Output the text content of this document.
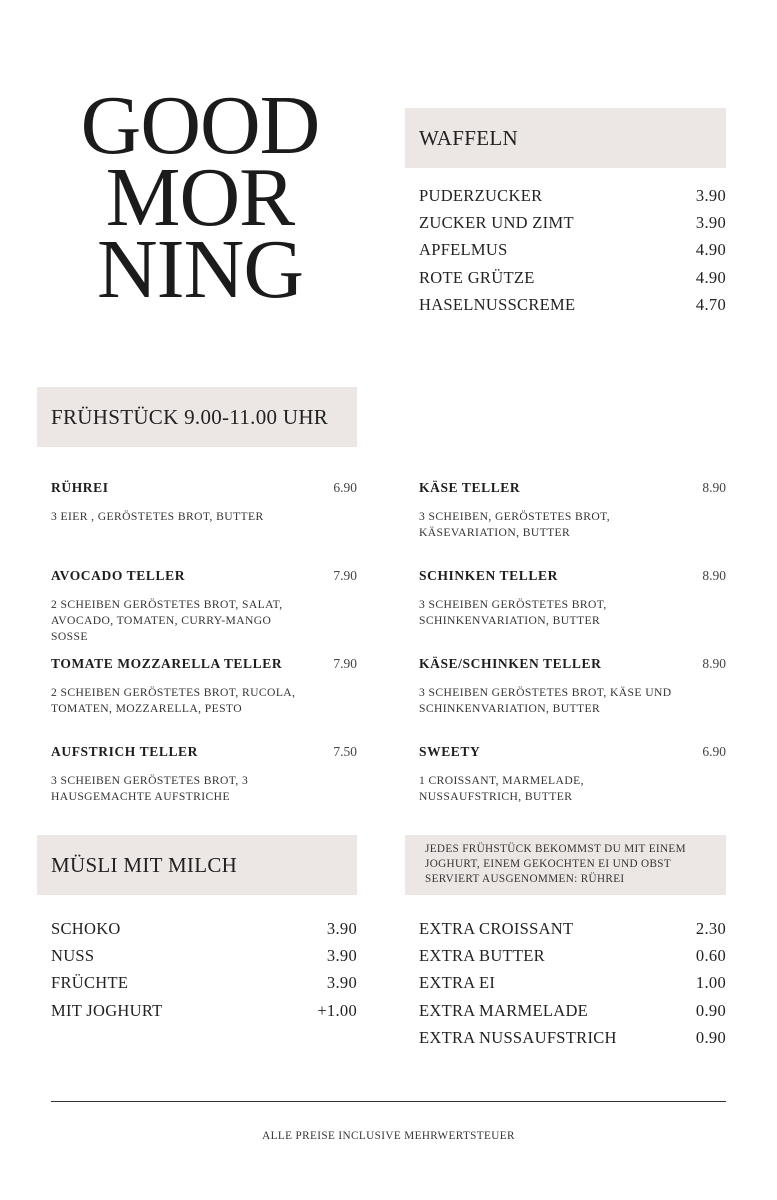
GOOD
MOR
NING
WAFFELN
PUDERZUCKER	3.90
ZUCKER UND ZIMT	3.90
APFELMUS	4.90
ROTE GRÜTZE	4.90
HASELNUSSCREME	4.70
FRÜHSTÜCK 9.00-11.00 UHR
RÜHREI	6.90
3 EIER , GERÖSTETES BROT, BUTTER
AVOCADO TELLER	7.90
2 SCHEIBEN GERÖSTETES BROT, SALAT, AVOCADO, TOMATEN, CURRY-MANGO SOSSE
TOMATE MOZZARELLA TELLER	7.90
2 SCHEIBEN GERÖSTETES BROT, RUCOLA, TOMATEN, MOZZARELLA, PESTO
AUFSTRICH TELLER	7.50
3 SCHEIBEN GERÖSTETES BROT, 3 HAUSGEMACHTE AUFSTRICHE
KÄSE TELLER	8.90
3 SCHEIBEN, GERÖSTETES BROT, KÄSEVARIATION, BUTTER
SCHINKEN TELLER	8.90
3 SCHEIBEN GERÖSTETES BROT, SCHINKENVARIATION, BUTTER
KÄSE/SCHINKEN TELLER	8.90
3 SCHEIBEN GERÖSTETES BROT, KÄSE UND SCHINKENVARIATION, BUTTER
SWEETY	6.90
1 CROISSANT, MARMELADE, NUSSAUFSTRICH, BUTTER
MÜSLI MIT MILCH
JEDES FRÜHSTÜCK BEKOMMST DU MIT EINEM JOGHURT, EINEM GEKOCHTEN EI UND OBST SERVIERT AUSGENOMMEN: RÜHREI
SCHOKO	3.90
NUSS	3.90
FRÜCHTE	3.90
MIT JOGHURT	+1.00
EXTRA CROISSANT	2.30
EXTRA BUTTER	0.60
EXTRA EI	1.00
EXTRA MARMELADE	0.90
EXTRA NUSSAUFSTRICH	0.90
ALLE PREISE INCLUSIVE MEHRWERTSTEUER
